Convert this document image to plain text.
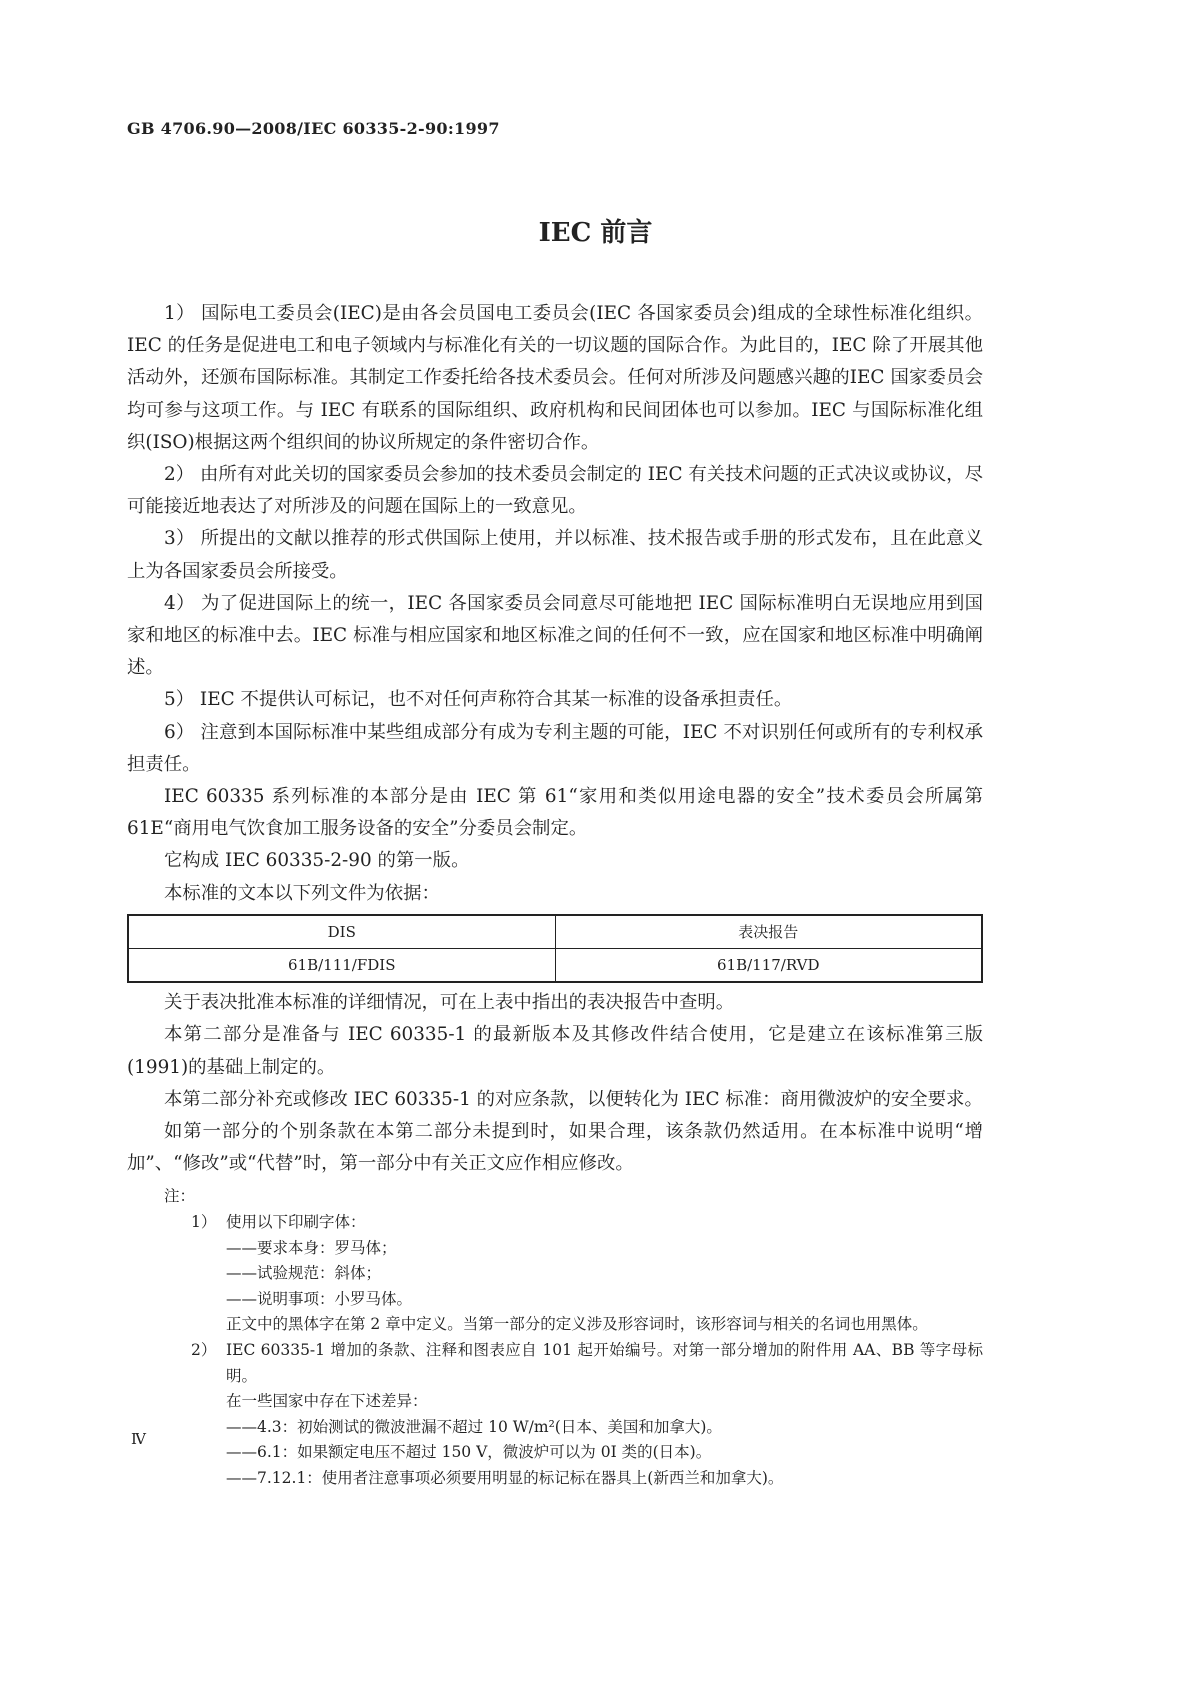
GB 4706.90—2008/IEC 60335-2-90:1997
IEC 前言

1） 国际电工委员会(IEC)是由各会员国电工委员会(IEC 各国家委员会)组成的全球性标准化组织。IEC 的任务是促进电工和电子领域内与标准化有关的一切议题的国际合作。为此目的，IEC 除了开展其他活动外，还颁布国际标准。其制定工作委托给各技术委员会。任何对所涉及问题感兴趣的IEC 国家委员会均可参与这项工作。与 IEC 有联系的国际组织、政府机构和民间团体也可以参加。IEC 与国际标准化组织(ISO)根据这两个组织间的协议所规定的条件密切合作。

2） 由所有对此关切的国家委员会参加的技术委员会制定的 IEC 有关技术问题的正式决议或协议，尽可能接近地表达了对所涉及的问题在国际上的一致意见。

3） 所提出的文献以推荐的形式供国际上使用，并以标准、技术报告或手册的形式发布，且在此意义上为各国家委员会所接受。

4） 为了促进国际上的统一，IEC 各国家委员会同意尽可能地把 IEC 国际标准明白无误地应用到国家和地区的标准中去。IEC 标准与相应国家和地区标准之间的任何不一致，应在国家和地区标准中明确阐述。

5） IEC 不提供认可标记，也不对任何声称符合其某一标准的设备承担责任。

6） 注意到本国际标准中某些组成部分有成为专利主题的可能，IEC 不对识别任何或所有的专利权承担责任。

IEC 60335 系列标准的本部分是由 IEC 第 61“家用和类似用途电器的安全”技术委员会所属第 61E“商用电气饮食加工服务设备的安全”分委员会制定。

它构成 IEC 60335-2-90 的第一版。

本标准的文本以下列文件为依据：

DIS	表决报告
61B/111/FDIS	61B/117/RVD

关于表决批准本标准的详细情况，可在上表中指出的表决报告中查明。

本第二部分是准备与 IEC 60335-1 的最新版本及其修改件结合使用，它是建立在该标准第三版(1991)的基础上制定的。

本第二部分补充或修改 IEC 60335-1 的对应条款，以便转化为 IEC 标准：商用微波炉的安全要求。

如第一部分的个别条款在本第二部分未提到时，如果合理，该条款仍然适用。在本标准中说明“增加”、“修改”或“代替”时，第一部分中有关正文应作相应修改。

注：
1） 使用以下印刷字体：
——要求本身：罗马体；
——试验规范：斜体；
——说明事项：小罗马体。
正文中的黑体字在第 2 章中定义。当第一部分的定义涉及形容词时，该形容词与相关的名词也用黑体。
2） IEC 60335-1 增加的条款、注释和图表应自 101 起开始编号。对第一部分增加的附件用 AA、BB 等字母标明。
在一些国家中存在下述差异：
——4.3：初始测试的微波泄漏不超过 10 W/m²(日本、美国和加拿大)。
——6.1：如果额定电压不超过 150 V，微波炉可以为 0I 类的(日本)。
——7.12.1：使用者注意事项必须要用明显的标记标在器具上(新西兰和加拿大)。
Ⅳ
